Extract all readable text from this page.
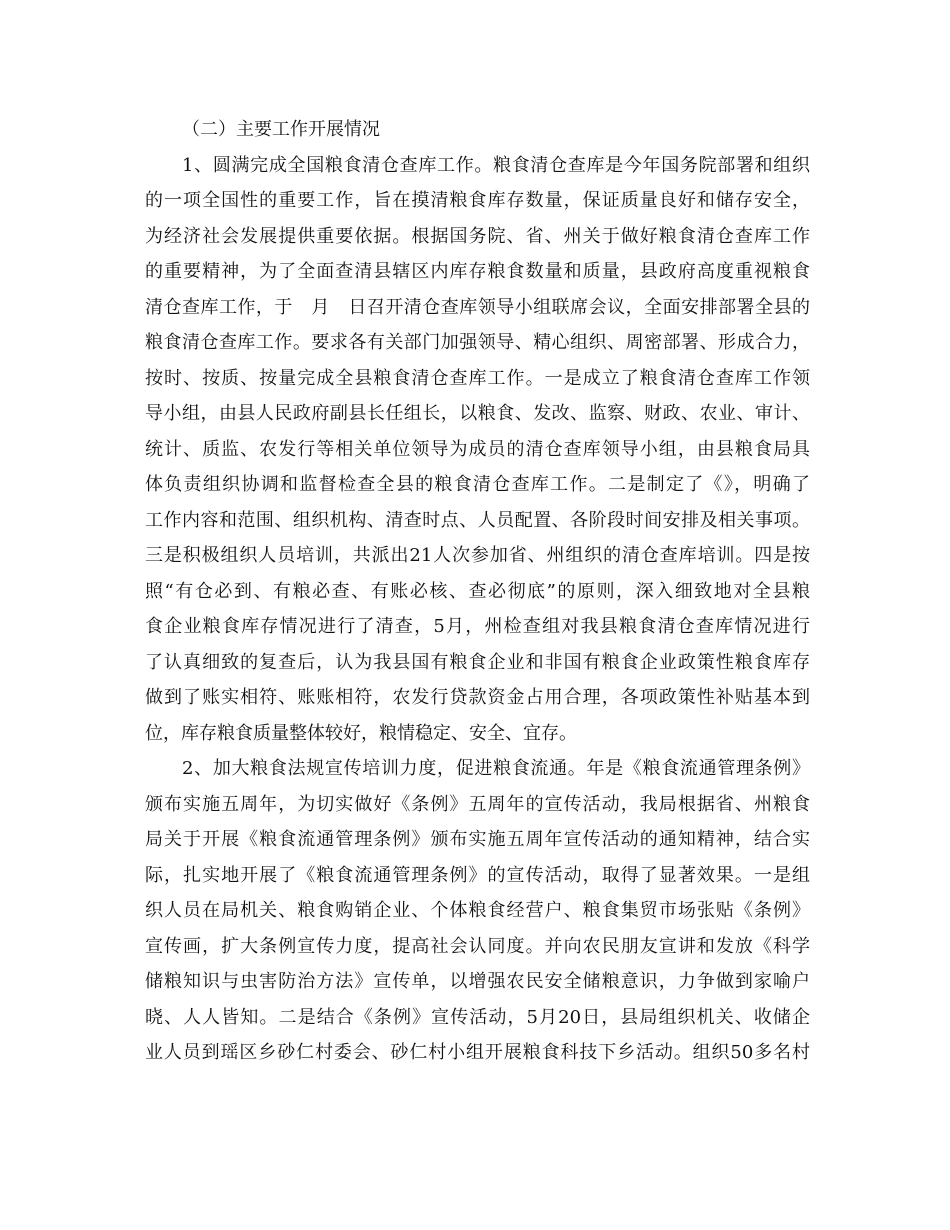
（二）主要工作开展情况
1、圆满完成全国粮食清仓查库工作。粮食清仓查库是今年国务院部署和组织
的一项全国性的重要工作，旨在摸清粮食库存数量，保证质量良好和储存安全，
为经济社会发展提供重要依据。根据国务院、省、州关于做好粮食清仓查库工作
的重要精神，为了全面查清县辖区内库存粮食数量和质量，县政府高度重视粮食
清仓查库工作，于　月　日召开清仓查库领导小组联席会议，全面安排部署全县的
粮食清仓查库工作。要求各有关部门加强领导、精心组织、周密部署、形成合力，
按时、按质、按量完成全县粮食清仓查库工作。一是成立了粮食清仓查库工作领
导小组，由县人民政府副县长任组长，以粮食、发改、监察、财政、农业、审计、
统计、质监、农发行等相关单位领导为成员的清仓查库领导小组，由县粮食局具
体负责组织协调和监督检查全县的粮食清仓查库工作。二是制定了《》，明确了
工作内容和范围、组织机构、清查时点、人员配置、各阶段时间安排及相关事项。
三是积极组织人员培训，共派出21人次参加省、州组织的清仓查库培训。四是按
照“有仓必到、有粮必查、有账必核、查必彻底”的原则，深入细致地对全县粮
食企业粮食库存情况进行了清查，5月，州检查组对我县粮食清仓查库情况进行
了认真细致的复查后，认为我县国有粮食企业和非国有粮食企业政策性粮食库存
做到了账实相符、账账相符，农发行贷款资金占用合理，各项政策性补贴基本到
位，库存粮食质量整体较好，粮情稳定、安全、宜存。
2、加大粮食法规宣传培训力度，促进粮食流通。年是《粮食流通管理条例》
颁布实施五周年，为切实做好《条例》五周年的宣传活动，我局根据省、州粮食
局关于开展《粮食流通管理条例》颁布实施五周年宣传活动的通知精神，结合实
际，扎实地开展了《粮食流通管理条例》的宣传活动，取得了显著效果。一是组
织人员在局机关、粮食购销企业、个体粮食经营户、粮食集贸市场张贴《条例》
宣传画，扩大条例宣传力度，提高社会认同度。并向农民朋友宣讲和发放《科学
储粮知识与虫害防治方法》宣传单，以增强农民安全储粮意识，力争做到家喻户
晓、人人皆知。二是结合《条例》宣传活动，5月20日，县局组织机关、收储企
业人员到瑶区乡砂仁村委会、砂仁村小组开展粮食科技下乡活动。组织50多名村
